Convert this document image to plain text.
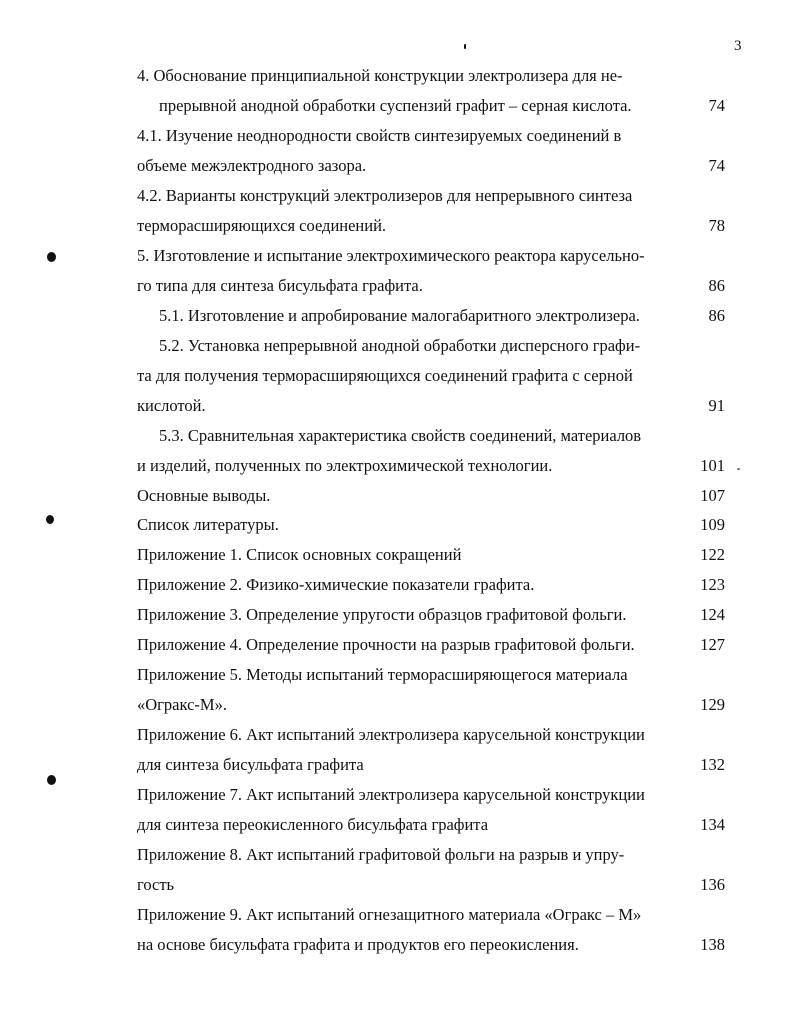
3
4. Обоснование принципиальной конструкции электролизера для не-
прерывной анодной обработки суспензий графит – серная кислота.	74
4.1. Изучение неоднородности свойств синтезируемых соединений в
объеме межэлектродного зазора.	74
4.2. Варианты конструкций электролизеров для непрерывного синтеза
терморасширяющихся соединений.	78
5. Изготовление и испытание электрохимического реактора карусельно-
го типа для синтеза бисульфата графита.	86
5.1. Изготовление и апробирование малогабаритного электролизера.	86
5.2. Установка непрерывной анодной обработки дисперсного графи-
та для получения терморасширяющихся соединений графита с серной
кислотой.	91
5.3. Сравнительная характеристика свойств соединений, материалов
и изделий, полученных по электрохимической технологии.	101
Основные выводы.	107
Список литературы.	109
Приложение 1. Список основных сокращений	122
Приложение 2. Физико-химические показатели графита.	123
Приложение 3. Определение упругости образцов графитовой фольги.	124
Приложение 4. Определение прочности на разрыв графитовой фольги.	127
Приложение 5. Методы испытаний терморасширяющегося материала
«Огракс-М».	129
Приложение 6. Акт испытаний электролизера карусельной конструкции
для синтеза бисульфата графита	132
Приложение 7. Акт испытаний электролизера карусельной конструкции
для синтеза переокисленного бисульфата графита	134
Приложение 8. Акт испытаний графитовой фольги на разрыв и упру-
гость	136
Приложение 9. Акт испытаний огнезащитного материала «Огракс – М»
на основе бисульфата графита и продуктов его переокисления.	138
